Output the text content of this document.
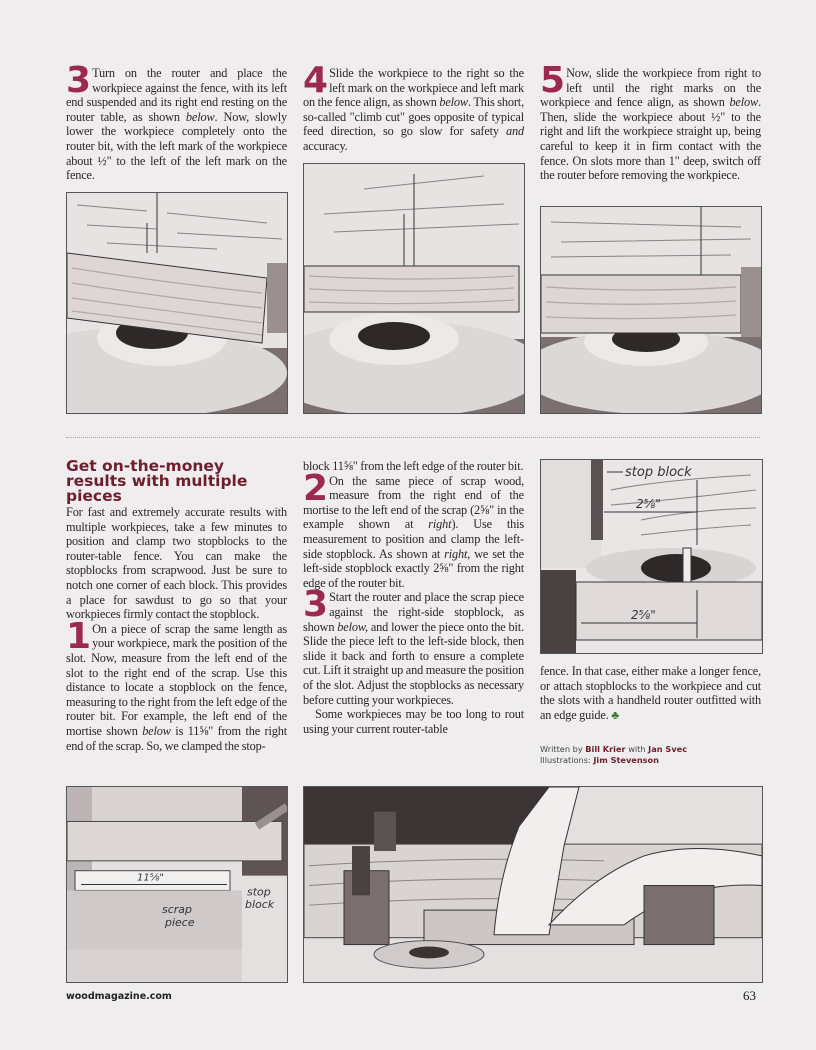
3 Turn on the router and place the workpiece against the fence, with its left end suspended and its right end resting on the router table, as shown below. Now, slowly lower the workpiece completely onto the router bit, with the left mark of the workpiece about ½" to the left of the left mark on the fence.

4 Slide the workpiece to the right so the left mark on the workpiece and left mark on the fence align, as shown below. This short, so-called "climb cut" goes opposite of typical feed direction, so go slow for safety and accuracy.

5 Now, slide the workpiece from right to left until the right marks on the workpiece and fence align, as shown below. Then, slide the workpiece about ½" to the right and lift the workpiece straight up, being careful to keep it in firm contact with the fence. On slots more than 1" deep, switch off the router before removing the workpiece.

Get on-the-money results with multiple pieces

For fast and extremely accurate results with multiple workpieces, take a few minutes to position and clamp two stopblocks to the router-table fence. You can make the stopblocks from scrapwood. Just be sure to notch one corner of each block. This provides a place for sawdust to go so that your workpieces firmly contact the stopblock.

1 On a piece of scrap the same length as your workpiece, mark the position of the slot. Now, measure from the left end of the slot to the right end of the scrap. Use this distance to locate a stopblock on the fence, measuring to the right from the left edge of the router bit. For example, the left end of the mortise shown below is 11⅝" from the right end of the scrap. So, we clamped the stop-

block 11⅝" from the left edge of the router bit.

2 On the same piece of scrap wood, measure from the right end of the mortise to the left end of the scrap (2⅝" in the example shown at right). Use this measurement to position and clamp the left-side stopblock. As shown at right, we set the left-side stopblock exactly 2⅝" from the right edge of the router bit.

3 Start the router and place the scrap piece against the right-side stopblock, as shown below, and lower the piece onto the bit. Slide the piece left to the left-side block, then slide it back and forth to ensure a complete cut. Lift it straight up and measure the position of the slot. Adjust the stopblocks as necessary before cutting your workpieces.

Some workpieces may be too long to rout using your current router-table

stop block
2⅝"
2⅝"

fence. In that case, either make a longer fence, or attach stopblocks to the workpiece and cut the slots with a handheld router outfitted with an edge guide. ♣

Written by Bill Krier with Jan Svec
Illustrations: Jim Stevenson
11⅝"
scrap
piece
stop
block
woodmagazine.com	63
